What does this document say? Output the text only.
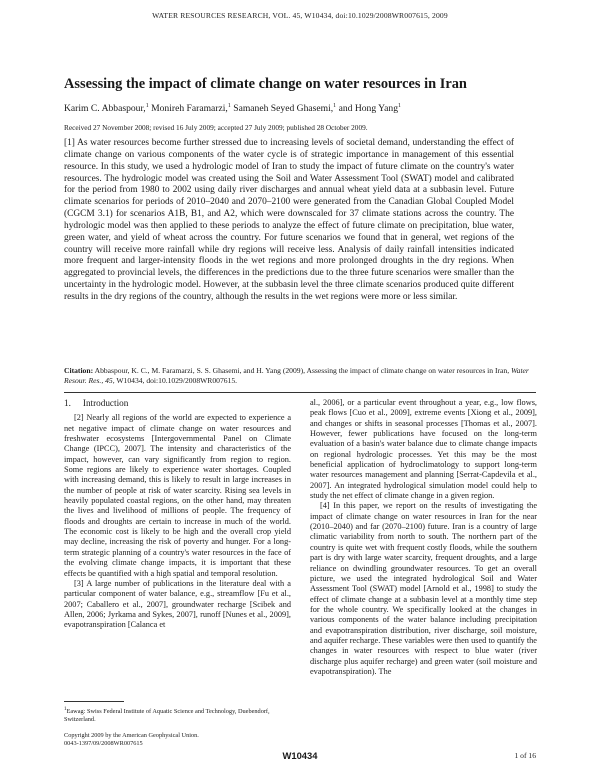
WATER RESOURCES RESEARCH, VOL. 45, W10434, doi:10.1029/2008WR007615, 2009
Assessing the impact of climate change on water resources in Iran
Karim C. Abbaspour,$^1$ Monireh Faramarzi,$^1$ Samaneh Seyed Ghasemi,$^1$ and Hong Yang$^1$
Received 27 November 2008; revised 16 July 2009; accepted 27 July 2009; published 28 October 2009.
[1] As water resources become further stressed due to increasing levels of societal demand, understanding the effect of climate change on various components of the water cycle is of strategic importance in management of this essential resource. In this study, we used a hydrologic model of Iran to study the impact of future climate on the country's water resources. The hydrologic model was created using the Soil and Water Assessment Tool (SWAT) model and calibrated for the period from 1980 to 2002 using daily river discharges and annual wheat yield data at a subbasin level. Future climate scenarios for periods of 2010–2040 and 2070–2100 were generated from the Canadian Global Coupled Model (CGCM 3.1) for scenarios A1B, B1, and A2, which were downscaled for 37 climate stations across the country. The hydrologic model was then applied to these periods to analyze the effect of future climate on precipitation, blue water, green water, and yield of wheat across the country. For future scenarios we found that in general, wet regions of the country will receive more rainfall while dry regions will receive less. Analysis of daily rainfall intensities indicated more frequent and larger-intensity floods in the wet regions and more prolonged droughts in the dry regions. When aggregated to provincial levels, the differences in the predictions due to the three future scenarios were smaller than the uncertainty in the hydrologic model. However, at the subbasin level the three climate scenarios produced quite different results in the dry regions of the country, although the results in the wet regions were more or less similar.
Citation: Abbaspour, K. C., M. Faramarzi, S. S. Ghasemi, and H. Yang (2009), Assessing the impact of climate change on water resources in Iran, Water Resour. Res., 45, W10434, doi:10.1029/2008WR007615.
1. Introduction

[2] Nearly all regions of the world are expected to experience a net negative impact of climate change on water resources and freshwater ecosystems [Intergovernmental Panel on Climate Change (IPCC), 2007]. The intensity and characteristics of the impact, however, can vary significantly from region to region. Some regions are likely to experience water shortages. Coupled with increasing demand, this is likely to result in large increases in the number of people at risk of water scarcity. Rising sea levels in heavily populated coastal regions, on the other hand, may threaten the lives and livelihood of millions of people. The frequency of floods and droughts are certain to increase in much of the world. The economic cost is likely to be high and the overall crop yield may decline, increasing the risk of poverty and hunger. For a long-term strategic planning of a country's water resources in the face of the evolving climate change impacts, it is important that these effects be quantified with a high spatial and temporal resolution.

[3] A large number of publications in the literature deal with a particular component of water balance, e.g., streamflow [Fu et al., 2007; Caballero et al., 2007], groundwater recharge [Scibek and Allen, 2006; Jyrkama and Sykes, 2007], runoff [Nunes et al., 2009], evapotranspiration [Calanca et

al., 2006], or a particular event throughout a year, e.g., low flows, peak flows [Cuo et al., 2009], extreme events [Xiong et al., 2009], and changes or shifts in seasonal processes [Thomas et al., 2007]. However, fewer publications have focused on the long-term evaluation of a basin's water balance due to climate change impacts on regional hydrologic processes. Yet this may be the most beneficial application of hydroclimatology to support long-term water resources management and planning [Serrat-Capdevila et al., 2007]. An integrated hydrological simulation model could help to study the net effect of climate change in a given region.

[4] In this paper, we report on the results of investigating the impact of climate change on water resources in Iran for the near (2010–2040) and far (2070–2100) future. Iran is a country of large climatic variability from north to south. The northern part of the country is quite wet with frequent costly floods, while the southern part is dry with large water scarcity, frequent droughts, and a large reliance on dwindling groundwater resources. To get an overall picture, we used the integrated hydrological Soil and Water Assessment Tool (SWAT) model [Arnold et al., 1998] to study the effect of climate change at a subbasin level at a monthly time step for the whole country. We specifically looked at the changes in various components of the water balance including precipitation and evapotranspiration distribution, river discharge, soil moisture, and aquifer recharge. These variables were then used to quantify the changes in water resources with respect to blue water (river discharge plus aquifer recharge) and green water (soil moisture and evapotranspiration). The

$^1$Eawag: Swiss Federal Institute of Aquatic Science and Technology, Duebendorf, Switzerland.
Copyright 2009 by the American Geophysical Union.
0043-1397/09/2008WR007615
W10434	1 of 16
